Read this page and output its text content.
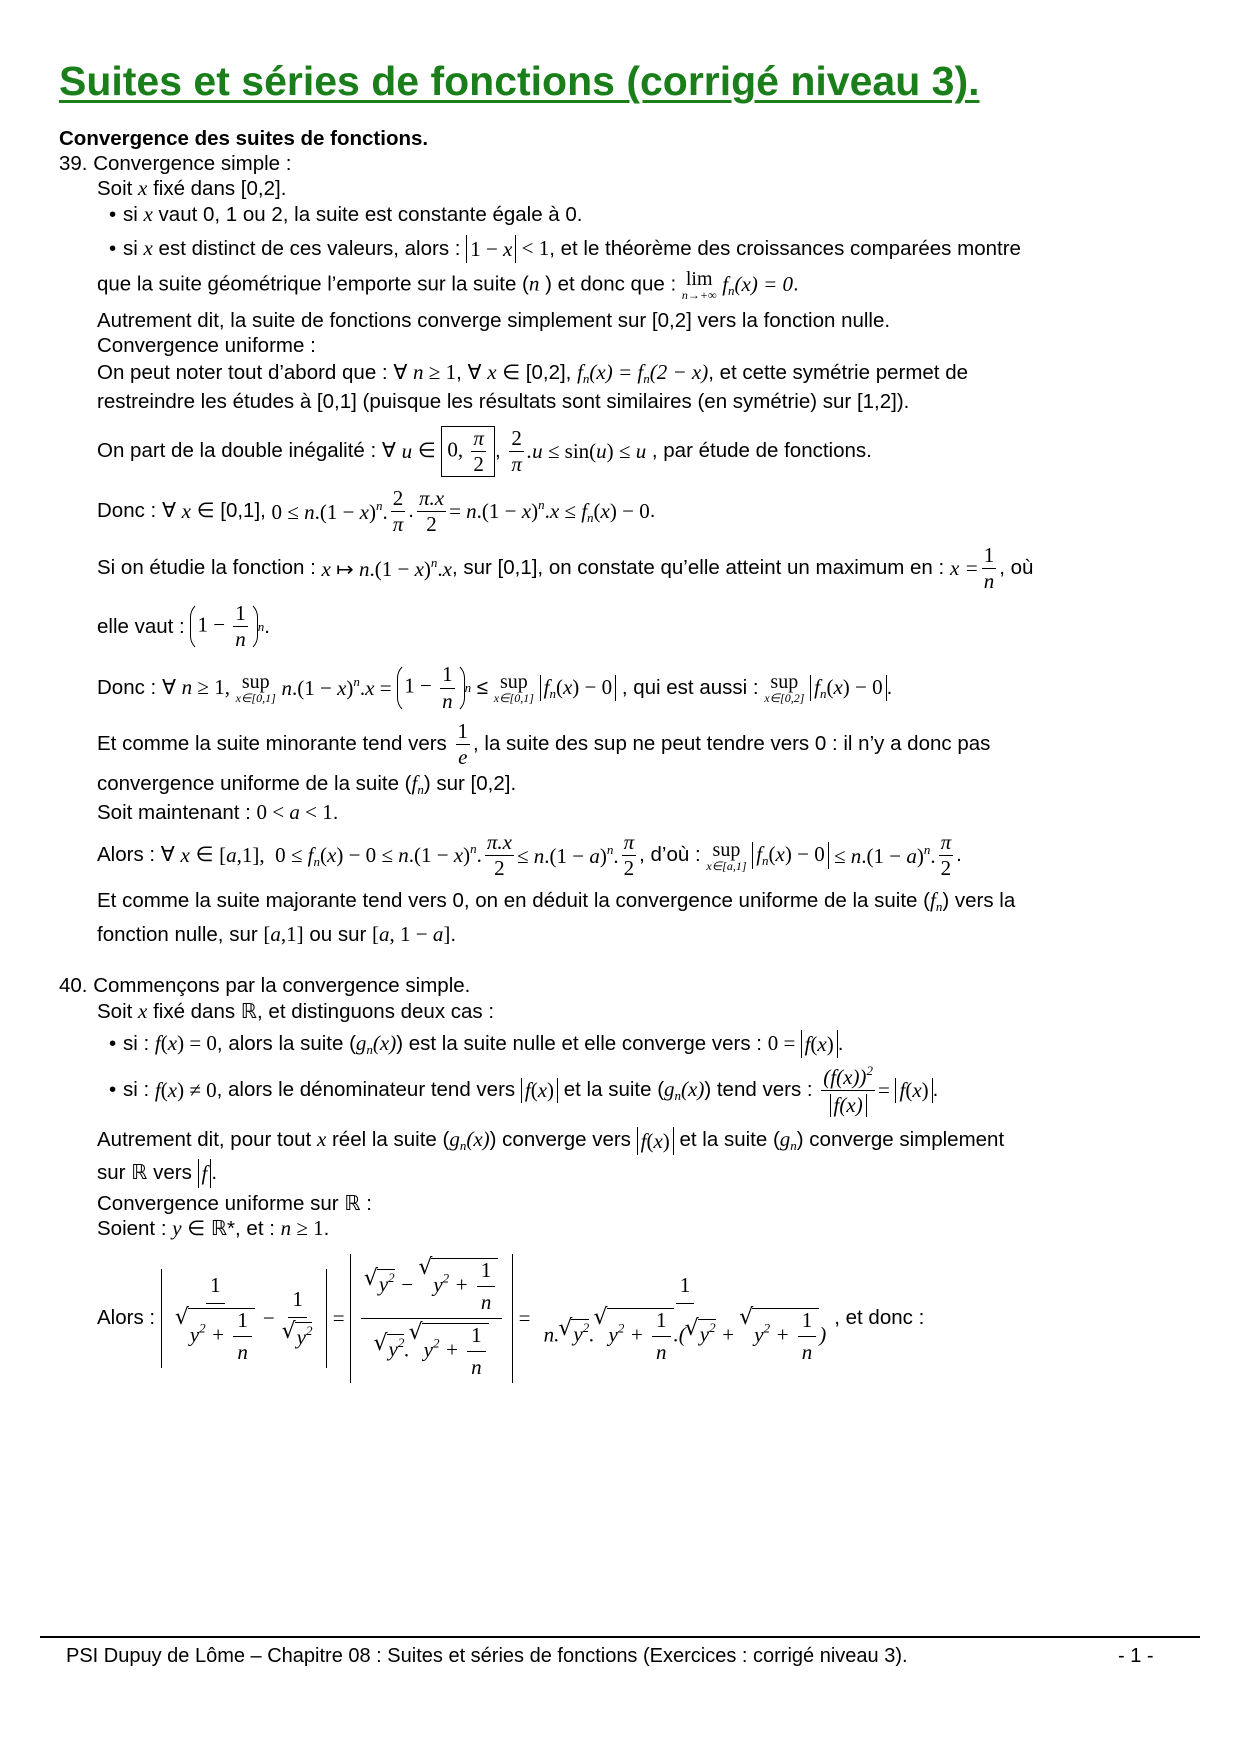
Suites et séries de fonctions (corrigé niveau 3).

Convergence des suites de fonctions.

39. Convergence simple :

Soit x fixé dans [0,2].

• si x vaut 0, 1 ou 2, la suite est constante égale à 0.

• si x est distinct de ces valeurs, alors : 1 − x < 1, et le théorème des croissances comparées montre

que la suite géométrique l’emporte sur la suite (n ) et donc que : lim
n→+∞ $f_n(x) = 0$.

Autrement dit, la suite de fonctions converge simplement sur [0,2] vers la fonction nulle.

Convergence uniforme :

On peut noter tout d’abord que : ∀ n ≥ 1, ∀ x ∈ [0,2], $f_n(x) = f_n(2 - x)$, et cette symétrie permet de

restreindre les études à [0,1] (puisque les résultats sont similaires (en symétrie) sur [1,2]).

On part de la double inégalité : ∀
u ∈ 0, $\frac{\pi}{2}$ , $\frac{2}{\pi} .u \le \sin(u) \le u$
, par étude de fonctions.

Donc : ∀
x
∈ [0,1],
$0 \le n.(1 - x)^n$. $\frac{2}{\pi}$ . $\frac{\pi.x}{2} = n.(1 - x)^n.x \le f_n(x) - 0$ .

Si on étudie la fonction :
x ↦ $n.(1 - x)^n.x$ , sur [0,1], on constate qu’elle atteint un maximum en :
$x = \frac{1}{n}$ , où

elle vaut :
$1 - \frac{1}{n}$ n .

Donc : ∀
n ≥ 1,
sup
x∈[0,1]
$n.(1 - x)^n.x$ =
$1 - \frac{1}{n}$ n ≤ sup
x∈[0,1]
$f_n(x) - 0$
, qui est aussi :
sup
x∈[0,2]
$f_n(x) - 0$ .

Et comme la suite minorante tend vers
$\frac{1}{e}$ , la suite des sup ne peut tendre vers 0 : il n’y a donc pas

convergence uniforme de la suite $(f_n)$ sur [0,2].

Soit maintenant : 0 < a < 1.

Alors : ∀
x
∈
[a,1],  $0 \le f_n(x) - 0 \le n.(1 - x)^n$. $\frac{\pi.x}{2} \le n.(1 - a)^n$. $\frac{\pi}{2}$ , d’où :
sup
x∈[a,1]
$f_n(x) - 0 \le n.(1 - a)^n$. $\frac{\pi}{2}$ .

Et comme la suite majorante tend vers 0, on en déduit la convergence uniforme de la suite $(f_n)$ vers la

fonction nulle, sur [a,1] ou sur [a, 1 − a].

40. Commençons par la convergence simple.

Soit x fixé dans ℝ, et distinguons deux cas :

• si : f(x) = 0, alors la suite $(g_n(x))$ est la suite nulle et elle converge vers : 0 = f(x) .

• si :
f(x) ≠ 0 , alors le dénominateur tend vers
f(x)
et la suite ( $g_n(x)$ ) tend vers :
$\frac{(f(x))^2}{f(x)}$ =
f(x) .

Autrement dit, pour tout x réel la suite $(g_n(x))$ converge vers f(x) et la suite $(g_n)$ converge simplement

sur ℝ vers f .

Convergence uniforme sur ℝ :

Soient : y ∈ ℝ*, et : n ≥ 1.

Alors :
1
√ $y^2 + \frac{1}{n} - 1$
√ $y^2$ =
√ $y^2$ − √ $y^2 + \frac{1}{n}$
√ $y^2.√$ $y^2 + \frac{1}{n} = \frac{1}{n.√ y^2.√ y^2 + \frac{1}{n} .(√ y^2 + √ y^2 + \frac{1}{n} )}$ , et donc :

PSI Dupuy de Lôme – Chapitre 08 : Suites et séries de fonctions (Exercices : corrigé niveau 3).	- 1 -
